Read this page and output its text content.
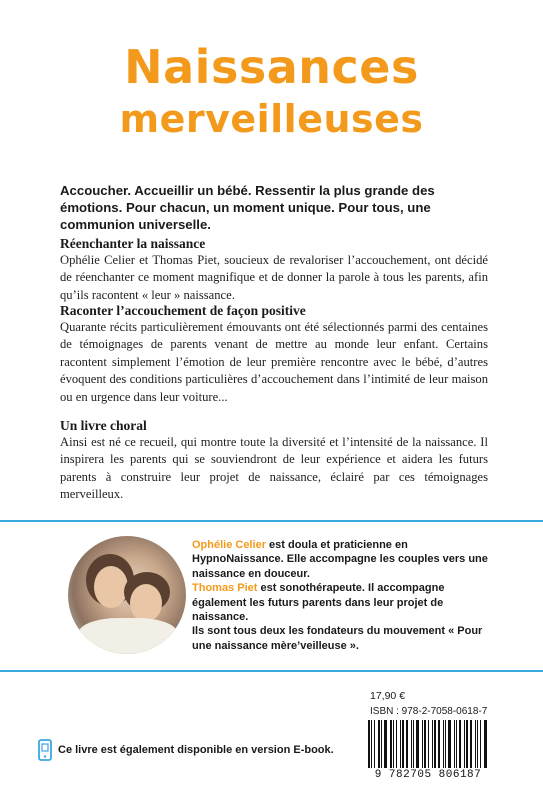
Naissances
merveilleuses
Accoucher. Accueillir un bébé. Ressentir la plus grande des émotions. Pour chacun, un moment unique. Pour tous, une communion universelle.
Réenchanter la naissance
Ophélie Celier et Thomas Piet, soucieux de revaloriser l’accouchement, ont décidé de réenchanter ce moment magnifique et de donner la parole à tous les parents, afin qu’ils racontent « leur » naissance.
Raconter l’accouchement de façon positive
Quarante récits particulièrement émouvants ont été sélectionnés parmi des centaines de témoignages de parents venant de mettre au monde leur enfant. Certains racontent simplement l’émotion de leur première rencontre avec le bébé, d’autres évoquent des conditions particulières d’accouchement dans l’intimité de leur maison ou en urgence dans leur voiture...
Un livre choral
Ainsi est né ce recueil, qui montre toute la diversité et l’intensité de la naissance. Il inspirera les parents qui se souviendront de leur expérience et aidera les futurs parents à construire leur projet de naissance, éclairé par ces témoignages merveilleux.
Ophélie Celier est doula et praticienne en HypnoNaissance. Elle accompagne les couples vers une naissance en douceur.
Thomas Piet est sonothérapeute. Il accompagne également les futurs parents dans leur projet de naissance.
Ils sont tous deux les fondateurs du mouvement « Pour une naissance mère’veilleuse ».
17,90 €
ISBN : 978-2-7058-0618-7
9 782705 806187
Ce livre est également disponible en version E-book.
